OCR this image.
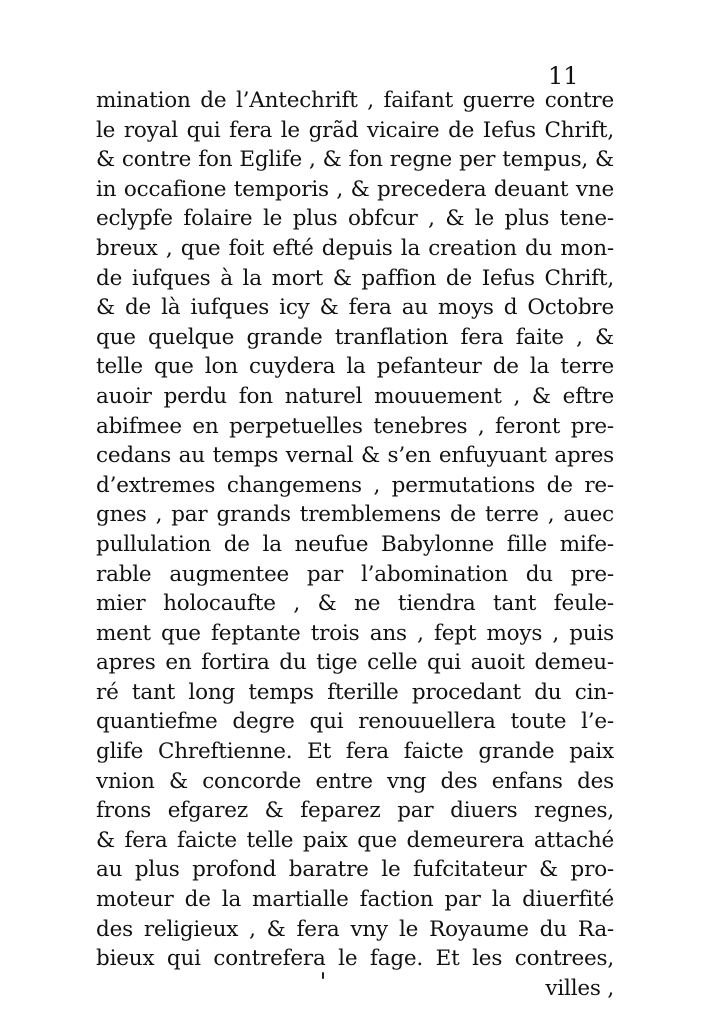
11
mination de l’Antechrift , faifant guerre contre
le royal qui fera le grãd vicaire de Iefus Chrift,
& contre fon Eglife , & fon regne per tempus, &
in occafione temporis , & precedera deuant vne
eclypfe folaire le plus obfcur , & le plus tene-
breux , que foit efté depuis la creation du mon-
de iufques à la mort & paffion de Iefus Chrift,
& de là iufques icy & fera au moys d Octobre
que quelque grande tranflation fera faite , &
telle que lon cuydera la pefanteur de la terre
auoir perdu fon naturel mouuement , & eftre
abifmee en perpetuelles tenebres , feront pre-
cedans au temps vernal & s’en enfuyuant apres
d’extremes changemens , permutations de re-
gnes , par grands tremblemens de terre , auec
pullulation de la neufue Babylonne fille mife-
rable augmentee par l’abomination du pre-
mier holocaufte , & ne tiendra tant feule-
ment que feptante trois ans , fept moys , puis
apres en fortira du tige celle qui auoit demeu-
ré tant long temps fterille procedant du cin-
quantiefme degre qui renouuellera toute l’e-
glife Chreftienne. Et fera faicte grande paix
vnion & concorde entre vng des enfans des
frons efgarez & feparez par diuers regnes,
& fera faicte telle paix que demeurera attaché
au plus profond baratre le fufcitateur & pro-
moteur de la martialle faction par la diuerfité
des religieux , & fera vny le Royaume du Ra-
bieux qui contrefera le fage. Et les contrees,
villes ,
